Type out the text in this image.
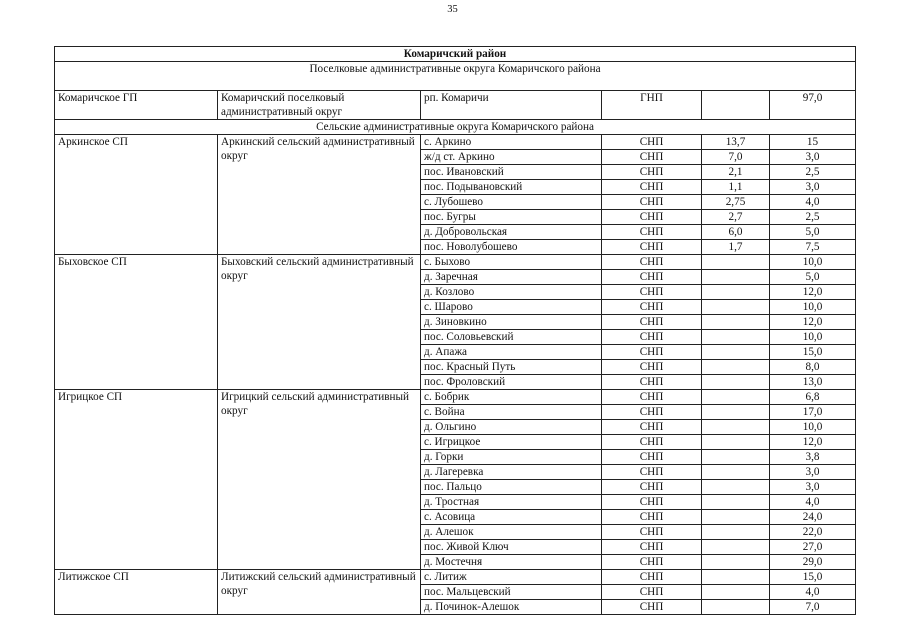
35
Комаричский район					
Поселковые административные округа Комаричского района					
Комаричское ГП	Комаричский поселковый административный округ	рп. Комаричи	ГНП		97,0
Сельские административные округа Комаричского района					
Аркинское СП	Аркинский сельский административный округ	с. Аркино	СНП	13,7	15
		ж/д ст. Аркино	СНП	7,0	3,0
		пос. Ивановский	СНП	2,1	2,5
		пос. Подывановский	СНП	1,1	3,0
		с. Лубошево	СНП	2,75	4,0
		пос. Бугры	СНП	2,7	2,5
		д. Добровольская	СНП	6,0	5,0
		пос. Новолубошево	СНП	1,7	7,5
Быховское СП	Быховский сельский административный округ	с. Быхово	СНП		10,0
		д. Заречная	СНП		5,0
		д. Козлово	СНП		12,0
		с. Шарово	СНП		10,0
		д. Зиновкино	СНП		12,0
		пос. Соловьевский	СНП		10,0
		д. Апажа	СНП		15,0
		пос. Красный Путь	СНП		8,0
		пос. Фроловский	СНП		13,0
Игрицкое СП	Игрицкий сельский административный округ	с. Бобрик	СНП		6,8
		с. Война	СНП		17,0
		д. Ольгино	СНП		10,0
		с. Игрицкое	СНП		12,0
		д. Горки	СНП		3,8
		д. Лагеревка	СНП		3,0
		пос. Пальцо	СНП		3,0
		д. Тростная	СНП		4,0
		с. Асовица	СНП		24,0
		д. Алешок	СНП		22,0
		пос. Живой Ключ	СНП		27,0
		д. Мостечня	СНП		29,0
Литижское СП	Литижский сельский административный округ	с. Литиж	СНП		15,0
		пос. Мальцевский	СНП		4,0
		д. Починок-Алешок	СНП		7,0
